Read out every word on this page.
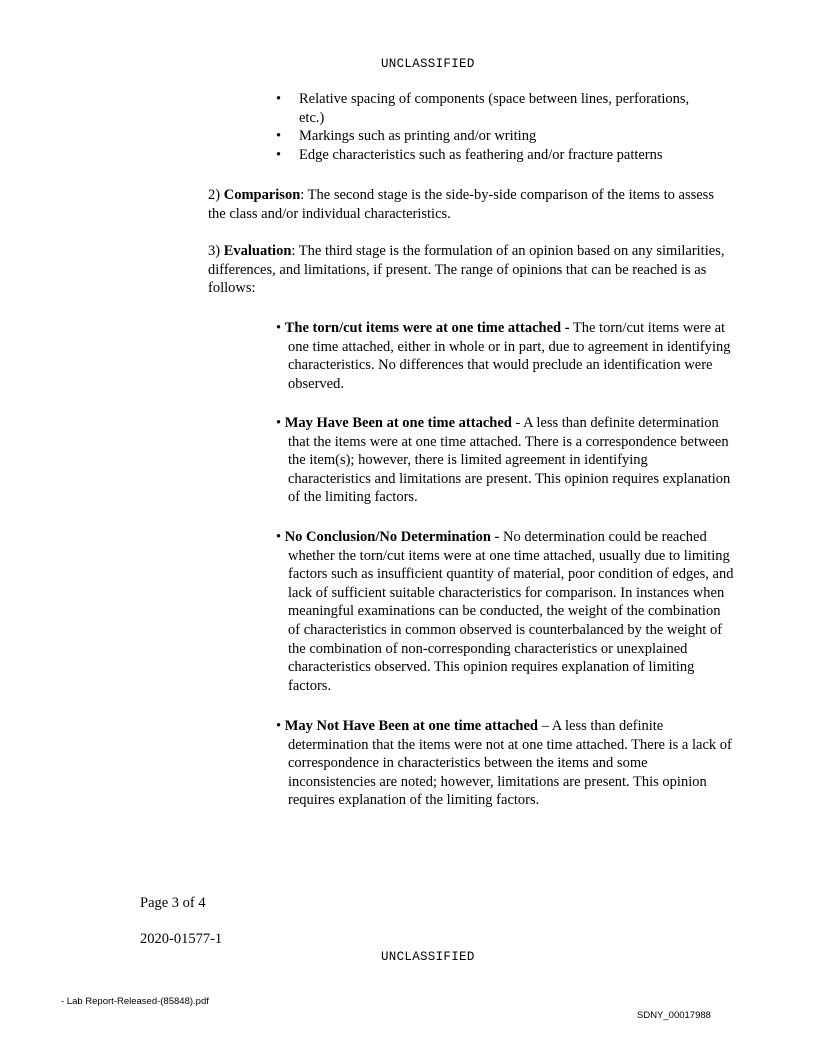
UNCLASSIFIED
• Relative spacing of components (space between lines, perforations, etc.)
• Markings such as printing and/or writing
• Edge characteristics such as feathering and/or fracture patterns
2) Comparison: The second stage is the side-by-side comparison of the items to assess the class and/or individual characteristics.
3) Evaluation: The third stage is the formulation of an opinion based on any similarities, differences, and limitations, if present. The range of opinions that can be reached is as follows:
• The torn/cut items were at one time attached - The torn/cut items were at one time attached, either in whole or in part, due to agreement in identifying characteristics. No differences that would preclude an identification were observed.
• May Have Been at one time attached - A less than definite determination that the items were at one time attached. There is a correspondence between the item(s); however, there is limited agreement in identifying characteristics and limitations are present. This opinion requires explanation of the limiting factors.
• No Conclusion/No Determination - No determination could be reached whether the torn/cut items were at one time attached, usually due to limiting factors such as insufficient quantity of material, poor condition of edges, and lack of sufficient suitable characteristics for comparison. In instances when meaningful examinations can be conducted, the weight of the combination of characteristics in common observed is counterbalanced by the weight of the combination of non-corresponding characteristics or unexplained characteristics observed. This opinion requires explanation of limiting factors.
• May Not Have Been at one time attached – A less than definite determination that the items were not at one time attached. There is a lack of correspondence in characteristics between the items and some inconsistencies are noted; however, limitations are present. This opinion requires explanation of the limiting factors.
Page 3 of 4
2020-01577-1
UNCLASSIFIED
- Lab Report-Released-(85848).pdf
SDNY_00017988
